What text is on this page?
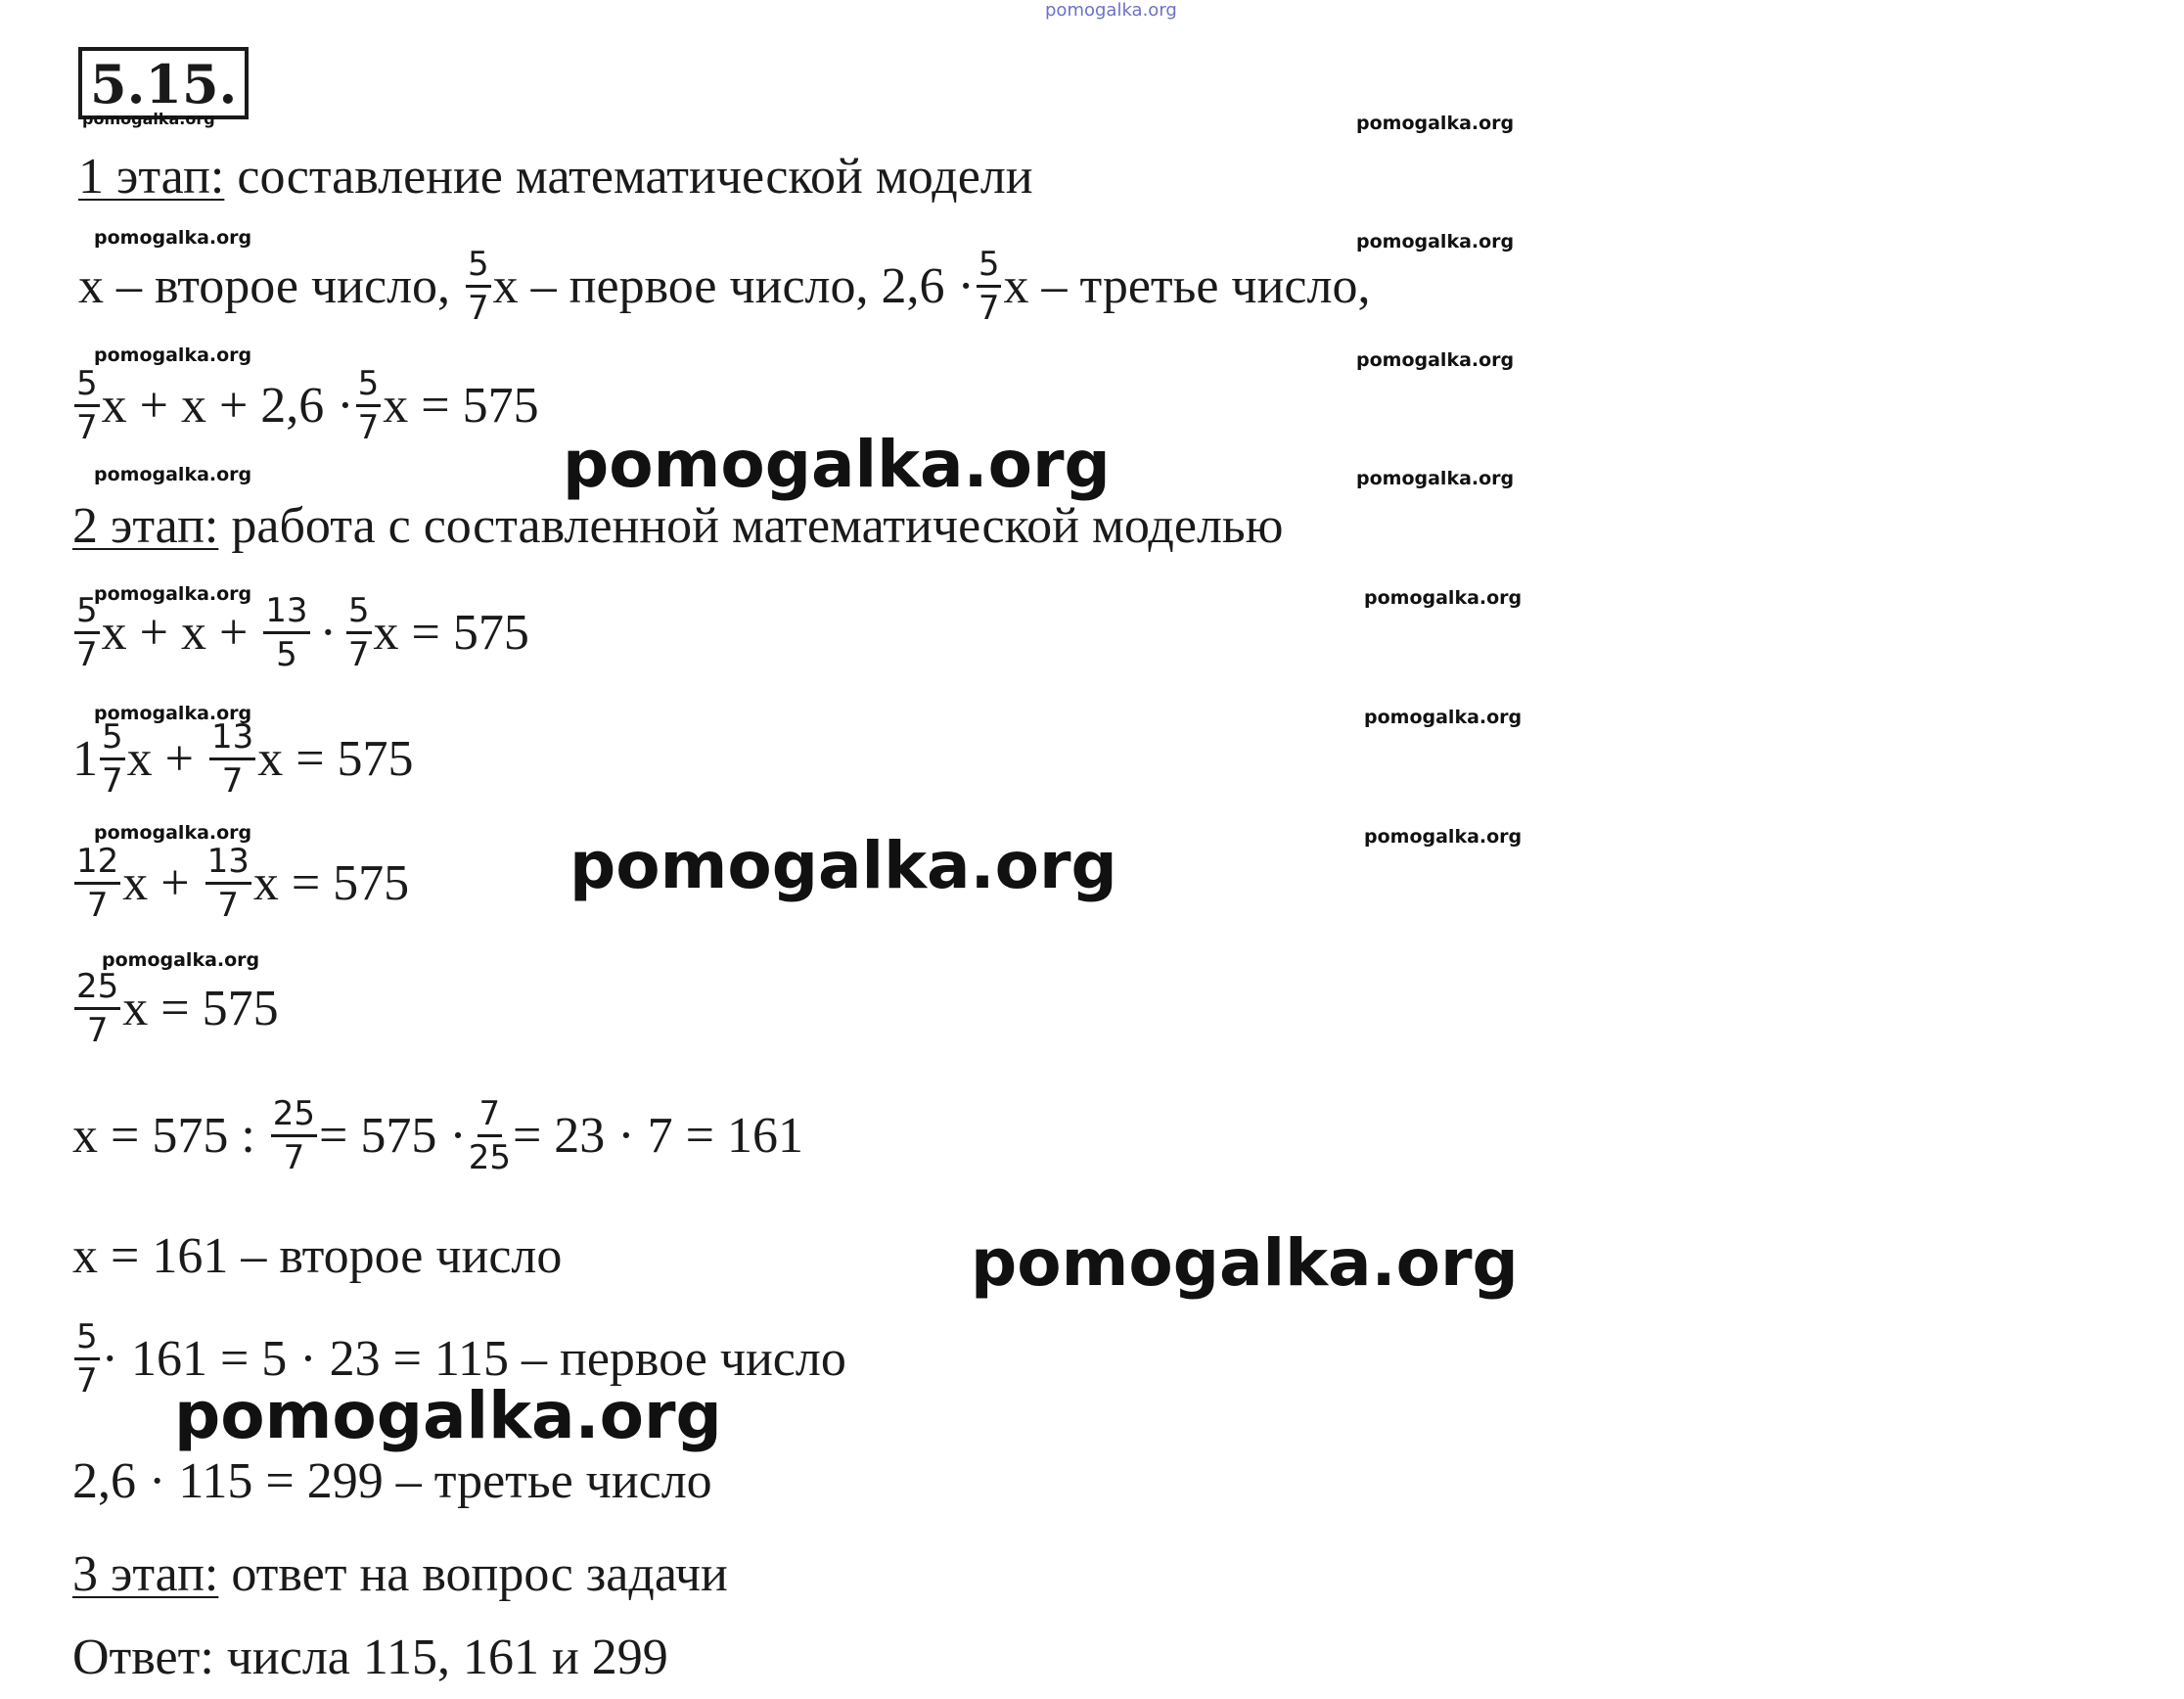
pomogalka.org
5.15.
pomogalka.org	pomogalka.org
pomogalka.org	pomogalka.org
pomogalka.org	pomogalka.org
pomogalka.org	pomogalka.org
pomogalka.org	pomogalka.org
pomogalka.org	pomogalka.org
pomogalka.org	pomogalka.org
pomogalka.org
pomogalka.org
pomogalka.org
pomogalka.org
pomogalka.org
1 этап: составление математической модели
x – второе число, $\frac{5}{7}$ x – первое число, $2,6 \cdot \frac{5}{7}$ x – третье число,
$\frac{5}{7}$ $x + x + 2,6 \cdot \frac{5}{7}$ x = 575
2 этап: работа с составленной математической моделью
$\frac{5}{7}$ $x + x + \frac{13}{5} \cdot \frac{5}{7}$ x = 575
$1 \frac{5}{7}$ $x + \frac{13}{7}$ x = 575
$\frac{12}{7}$ $x + \frac{13}{7}$ x = 575
$\frac{25}{7}$ x = 575
x = 575 : $\frac{25}{7} = 575 \cdot \frac{7}{25} = 23 \cdot 7 = 161$
x = 161 – второе число
$\frac{5}{7} \cdot 161 = 5 \cdot 23 = 115$ – первое число
2,6 · 115 = 299 – третье число
3 этап: ответ на вопрос задачи
Ответ: числа 115, 161 и 299
